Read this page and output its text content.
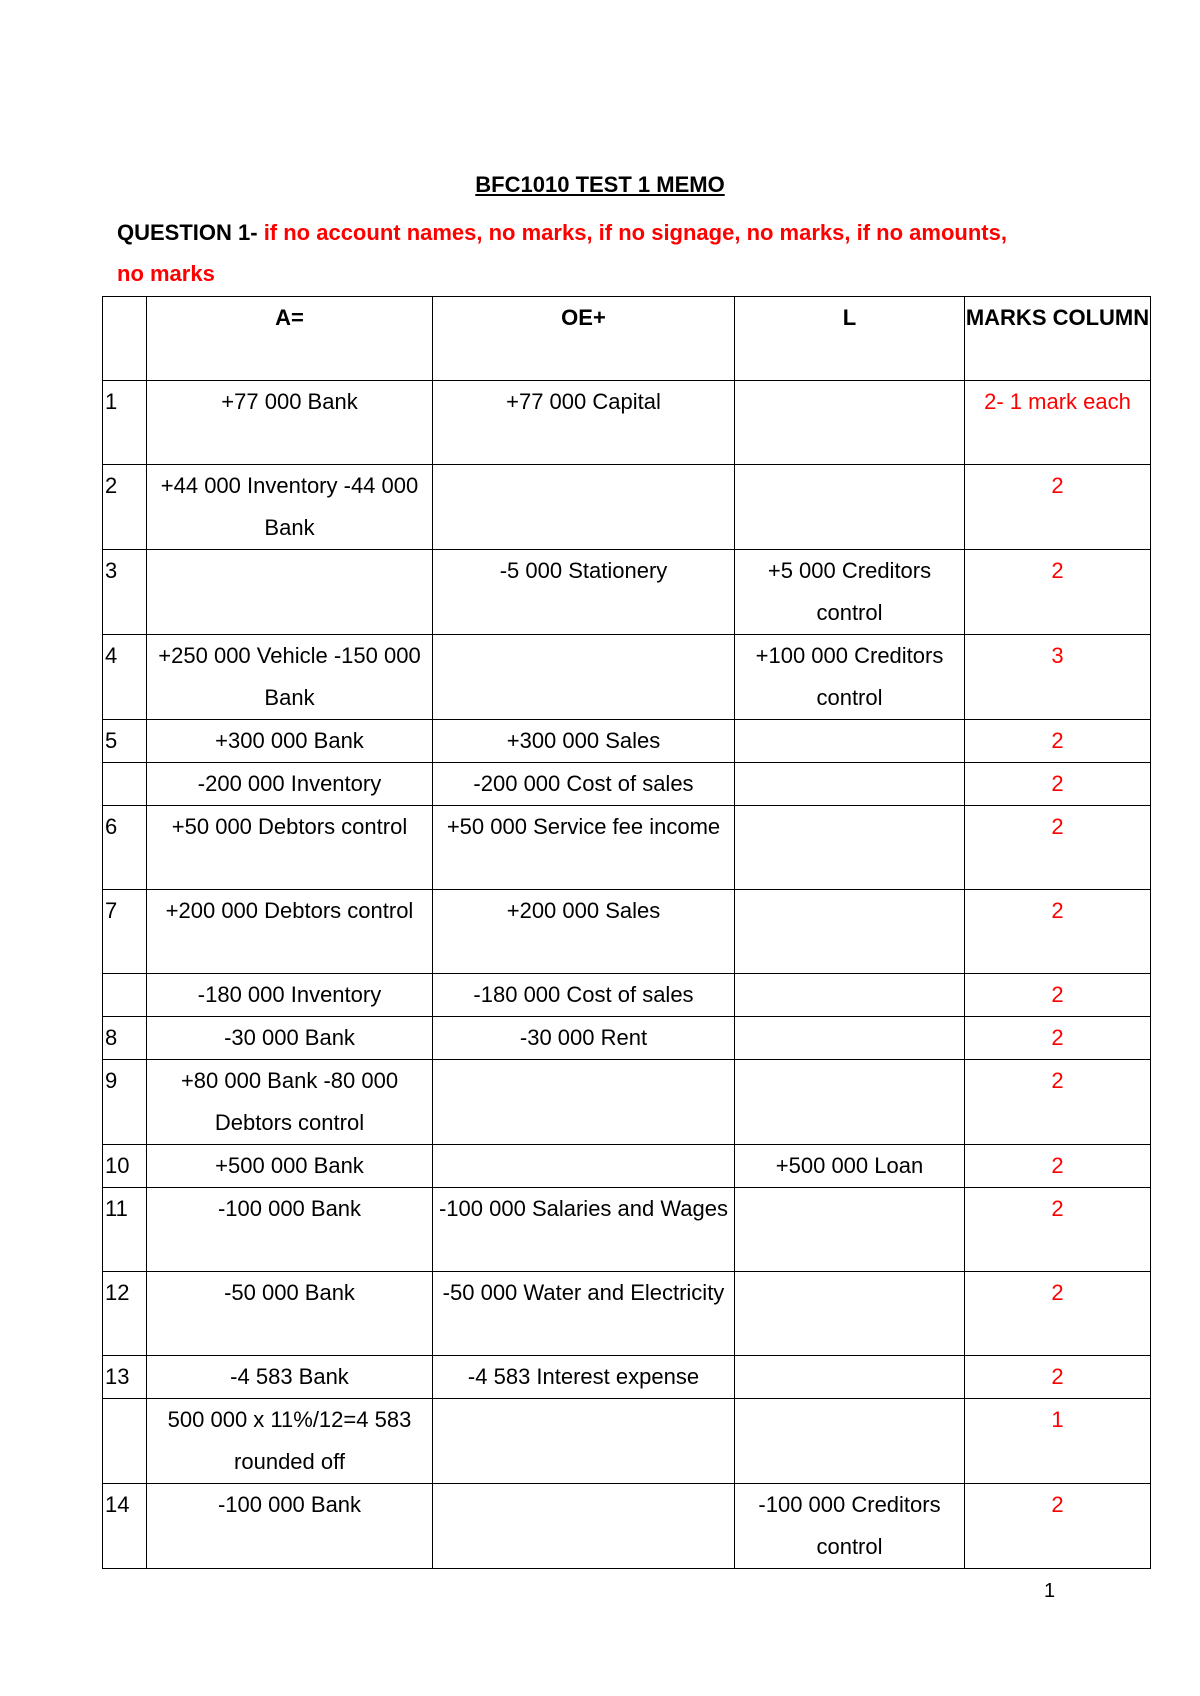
BFC1010 TEST 1 MEMO
QUESTION 1- if no account names, no marks, if no signage, no marks, if no amounts, no marks
	A=	OE+	L	MARKS COLUMN
1	+77 000 Bank	+77 000 Capital		2- 1 mark each
2	+44 000 Inventory -44 000 Bank			2
3		-5 000 Stationery	+5 000 Creditors control	2
4	+250 000 Vehicle -150 000 Bank		+100 000 Creditors control	3
5	+300 000 Bank	+300 000 Sales		2
	-200 000 Inventory	-200 000 Cost of sales		2
6	+50 000 Debtors control	+50 000 Service fee income		2
7	+200 000 Debtors control	+200 000 Sales		2
	-180 000 Inventory	-180 000 Cost of sales		2
8	-30 000 Bank	-30 000 Rent		2
9	+80 000 Bank -80 000 Debtors control			2
10	+500 000 Bank		+500 000 Loan	2
11	-100 000 Bank	-100 000 Salaries and Wages		2
12	-50 000 Bank	-50 000 Water and Electricity		2
13	-4 583 Bank	-4 583 Interest expense		2
	500 000 x 11%/12=4 583 rounded off			1
14	-100 000 Bank		-100 000 Creditors control	2
1
